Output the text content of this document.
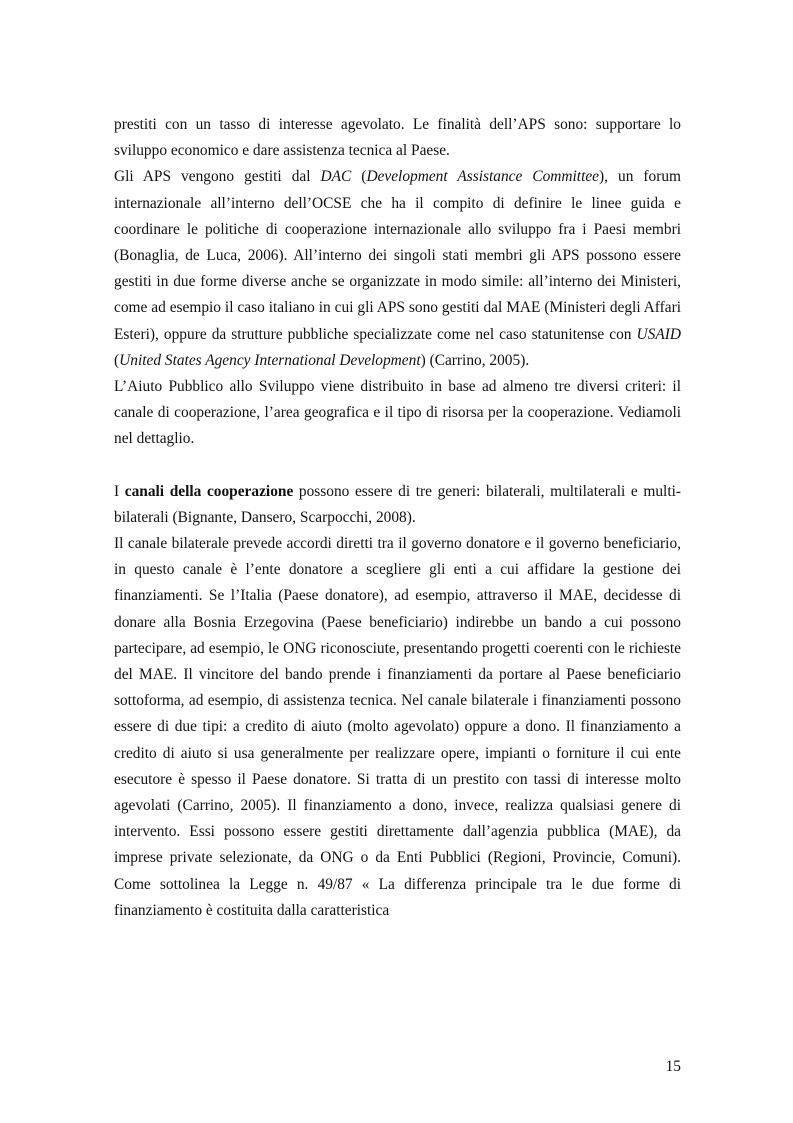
prestiti con un tasso di interesse agevolato. Le finalità dell’APS sono: supportare lo sviluppo economico e dare assistenza tecnica al Paese.

Gli APS vengono gestiti dal DAC (Development Assistance Committee), un forum internazionale all’interno dell’OCSE che ha il compito di definire le linee guida e coordinare le politiche di cooperazione internazionale allo sviluppo fra i Paesi membri (Bonaglia, de Luca, 2006). All’interno dei singoli stati membri gli APS possono essere gestiti in due forme diverse anche se organizzate in modo simile: all’interno dei Ministeri, come ad esempio il caso italiano in cui gli APS sono gestiti dal MAE (Ministeri degli Affari Esteri), oppure da strutture pubbliche specializzate come nel caso statunitense con USAID (United States Agency International Development) (Carrino, 2005).

L’Aiuto Pubblico allo Sviluppo viene distribuito in base ad almeno tre diversi criteri: il canale di cooperazione, l’area geografica e il tipo di risorsa per la cooperazione. Vediamoli nel dettaglio.

I canali della cooperazione possono essere di tre generi: bilaterali, multilaterali e multi- bilaterali (Bignante, Dansero, Scarpocchi, 2008).

Il canale bilaterale prevede accordi diretti tra il governo donatore e il governo beneficiario, in questo canale è l’ente donatore a scegliere gli enti a cui affidare la gestione dei finanziamenti. Se l’Italia (Paese donatore), ad esempio, attraverso il MAE, decidesse di donare alla Bosnia Erzegovina (Paese beneficiario) indirebbe un bando a cui possono partecipare, ad esempio, le ONG riconosciute, presentando progetti coerenti con le richieste del MAE. Il vincitore del bando prende i finanziamenti da portare al Paese beneficiario sottoforma, ad esempio, di assistenza tecnica. Nel canale bilaterale i finanziamenti possono essere di due tipi: a credito di aiuto (molto agevolato) oppure a dono. Il finanziamento a credito di aiuto si usa generalmente per realizzare opere, impianti o forniture il cui ente esecutore è spesso il Paese donatore. Si tratta di un prestito con tassi di interesse molto agevolati (Carrino, 2005). Il finanziamento a dono, invece, realizza qualsiasi genere di intervento. Essi possono essere gestiti direttamente dall’agenzia pubblica (MAE), da imprese private selezionate, da ONG o da Enti Pubblici (Regioni, Provincie, Comuni). Come sottolinea la Legge n. 49/87 « La differenza principale tra le due forme di finanziamento è costituita dalla caratteristica

15
